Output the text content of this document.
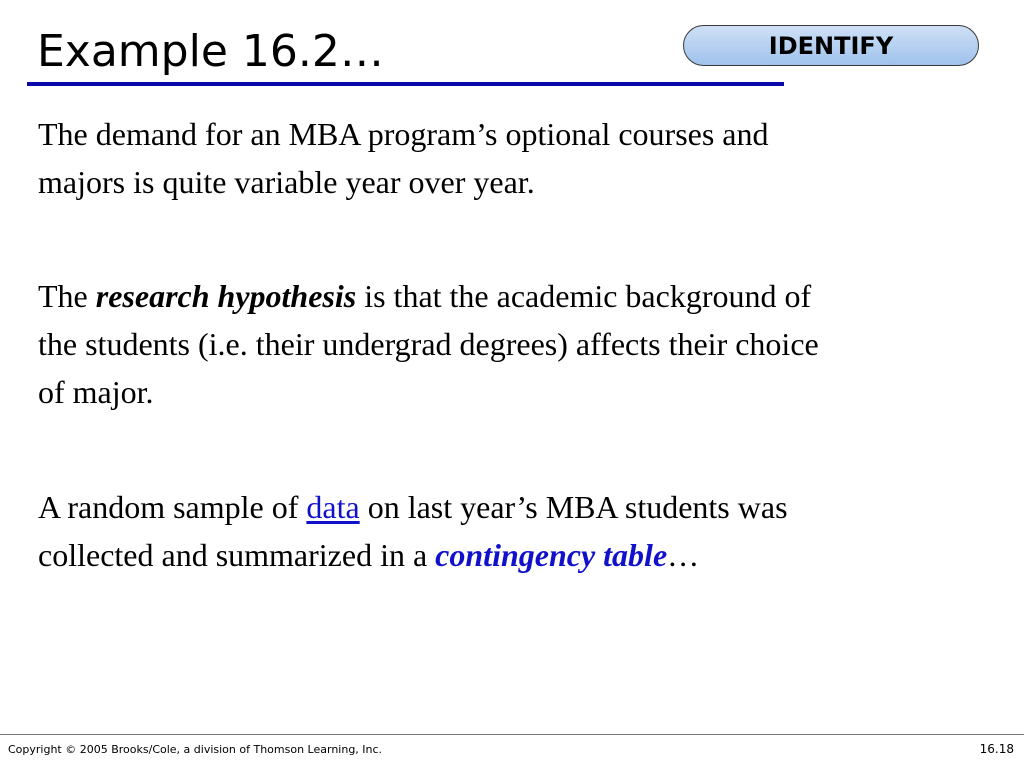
Example 16.2…	IDENTIFY

The demand for an MBA program’s optional courses and
majors is quite variable year over year.

The research hypothesis is that the academic background of
the students (i.e. their undergrad degrees) affects their choice
of major.

A random sample of data on last year’s MBA students was
collected and summarized in a contingency table…

Copyright © 2005 Brooks/Cole, a division of Thomson Learning, Inc.	16.18
